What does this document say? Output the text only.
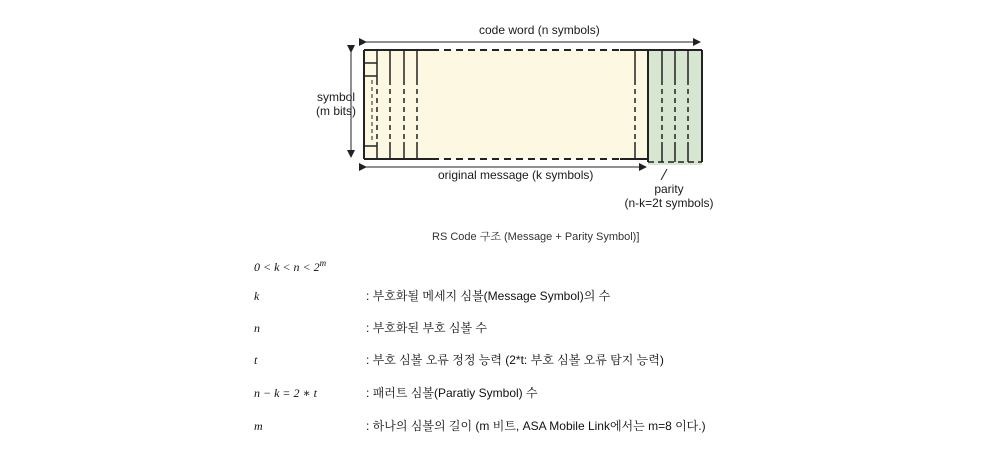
code word (n symbols)
symbol
(m bits)
original message (k symbols)
parity
(n-k=2t symbols)
RS Code 구조 (Message + Parity Symbol)]
$0 < k < n < 2^m$
k	: 부호화될 메세지 심볼(Message Symbol)의 수
n	: 부호화된 부호 심볼 수
t	: 부호 심볼 오류 정정 능력 (2*t: 부호 심볼 오류 탐지 능력)
n − k = 2 ∗ t	: 패러트 심볼(Paratiy Symbol) 수
m	: 하나의 심볼의 길이 (m 비트, ASA Mobile Link에서는 m=8 이다.)
